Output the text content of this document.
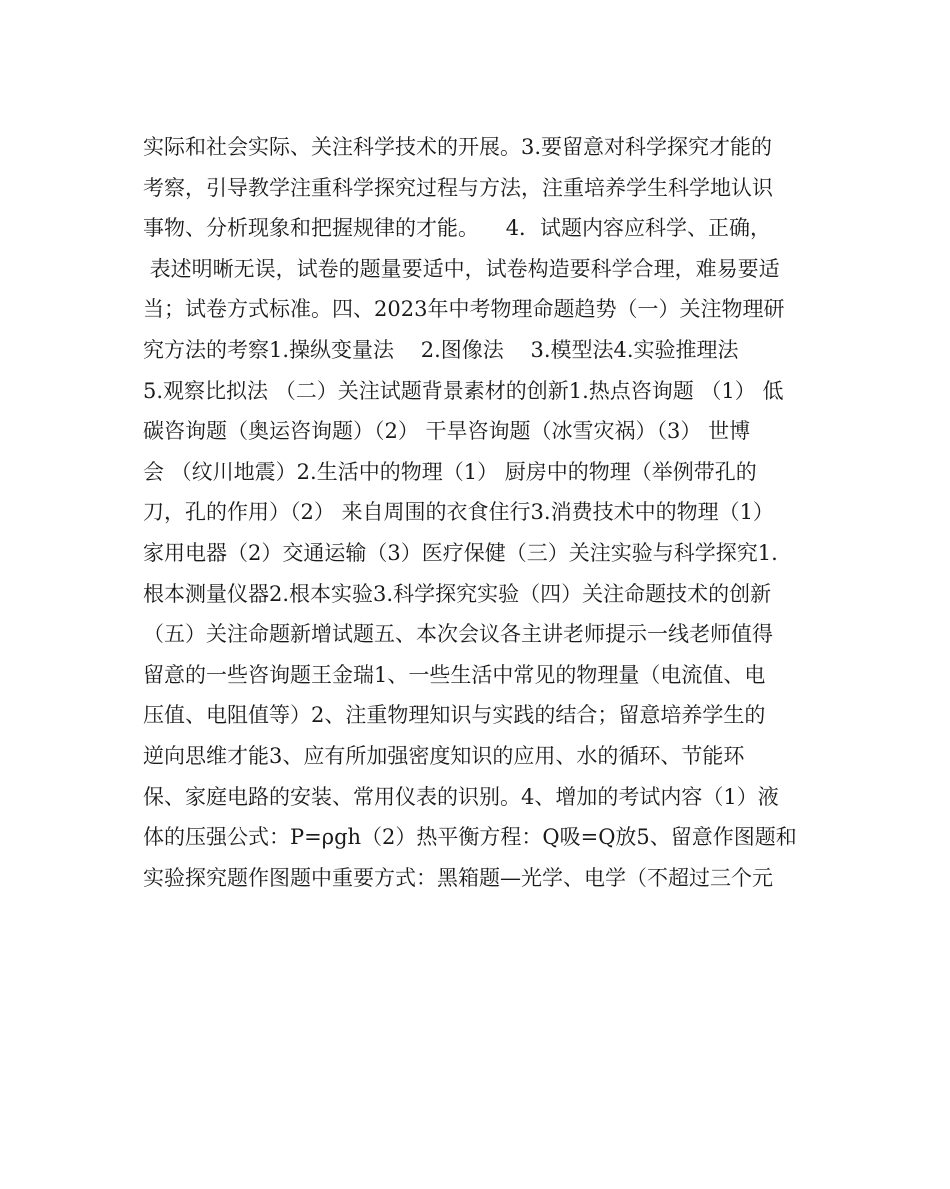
实际和社会实际、关注科学技术的开展。3.要留意对科学探究才能的
考察，引导教学注重科学探究过程与方法，注重培养学生科学地认识
事物、分析现象和把握规律的才能。    4．试题内容应科学、正确，
表述明晰无误，试卷的题量要适中，试卷构造要科学合理，难易要适
当；试卷方式标准。四、2023年中考物理命题趋势（一）关注物理研
究方法的考察1.操纵变量法    2.图像法    3.模型法4.实验推理法
5.观察比拟法 （二）关注试题背景素材的创新1.热点咨询题 （1） 低
碳咨询题（奥运咨询题）（2） 干旱咨询题（冰雪灾祸）（3） 世博
会 （纹川地震）2.生活中的物理（1） 厨房中的物理（举例带孔的
刀，孔的作用）（2） 来自周围的衣食住行3.消费技术中的物理（1）
家用电器（2）交通运输（3）医疗保健（三）关注实验与科学探究1.
根本测量仪器2.根本实验3.科学探究实验（四）关注命题技术的创新
（五）关注命题新增试题五、本次会议各主讲老师提示一线老师值得
留意的一些咨询题王金瑞1、一些生活中常见的物理量（电流值、电
压值、电阻值等）2、注重物理知识与实践的结合；留意培养学生的
逆向思维才能3、应有所加强密度知识的应用、水的循环、节能环
保、家庭电路的安装、常用仪表的识别。4、增加的考试内容（1）液
体的压强公式：P=ρgh（2）热平衡方程：Q吸=Q放5、留意作图题和
实验探究题作图题中重要方式：黑箱题—光学、电学（不超过三个元
